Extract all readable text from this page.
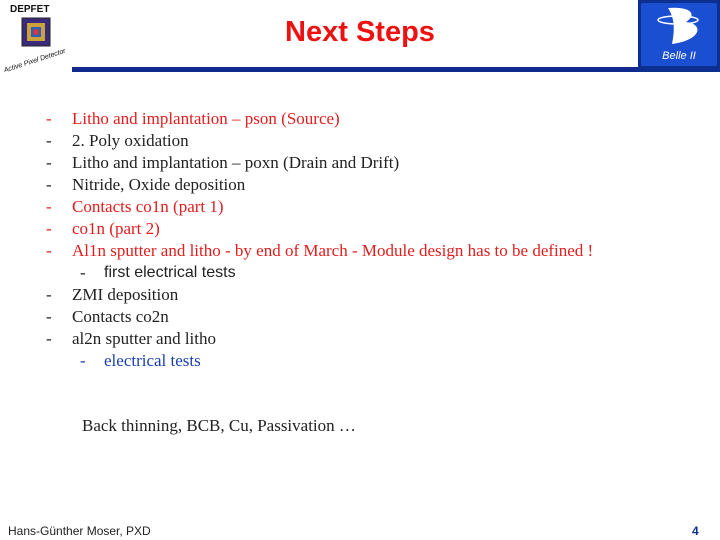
DEPFET
Active Pixel Detector
Next Steps
Belle II
- Litho and implantation – pson (Source)
- 2. Poly oxidation
- Litho and implantation – poxn (Drain and Drift)
- Nitride, Oxide deposition
- Contacts co1n (part 1)
- co1n (part 2)
- Al1n sputter and litho - by end of March - Module design has to be defined !
- first electrical tests
- ZMI deposition
- Contacts co2n
- al2n sputter and litho
- electrical tests
Back thinning, BCB, Cu, Passivation …
Hans-Günther Moser, PXD	4
